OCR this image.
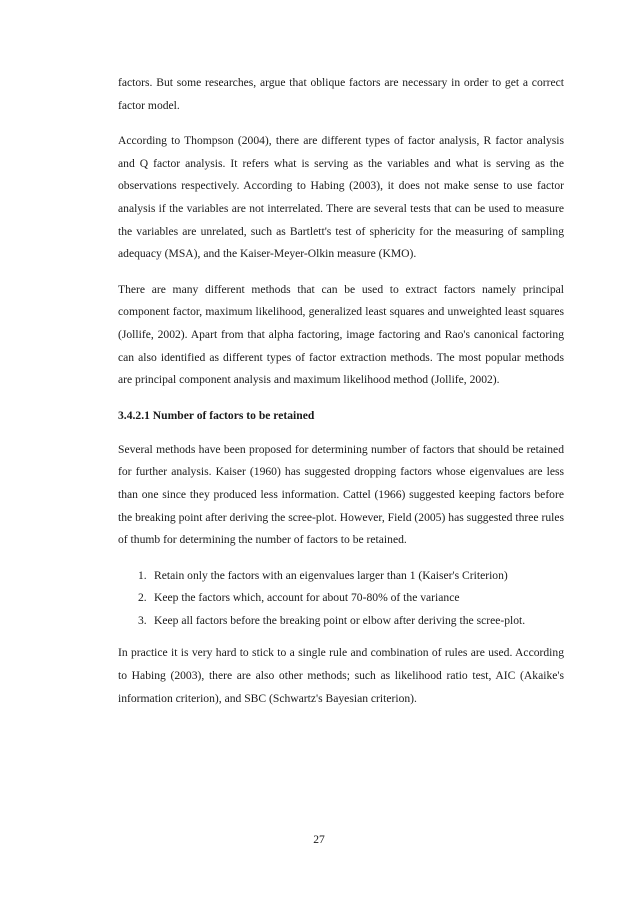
factors. But some researches, argue that oblique factors are necessary in order to get a correct factor model.

According to Thompson (2004), there are different types of factor analysis, R factor analysis and Q factor analysis. It refers what is serving as the variables and what is serving as the observations respectively. According to Habing (2003), it does not make sense to use factor analysis if the variables are not interrelated. There are several tests that can be used to measure the variables are unrelated, such as Bartlett's test of sphericity for the measuring of sampling adequacy (MSA), and the Kaiser-Meyer-Olkin measure (KMO).

There are many different methods that can be used to extract factors namely principal component factor, maximum likelihood, generalized least squares and unweighted least squares (Jollife, 2002). Apart from that alpha factoring, image factoring and Rao's canonical factoring can also identified as different types of factor extraction methods. The most popular methods are principal component analysis and maximum likelihood method (Jollife, 2002).

3.4.2.1 Number of factors to be retained

Several methods have been proposed for determining number of factors that should be retained for further analysis. Kaiser (1960) has suggested dropping factors whose eigenvalues are less than one since they produced less information. Cattel (1966) suggested keeping factors before the breaking point after deriving the scree-plot. However, Field (2005) has suggested three rules of thumb for determining the number of factors to be retained.

1. Retain only the factors with an eigenvalues larger than 1 (Kaiser's Criterion)
2. Keep the factors which, account for about 70-80% of the variance
3. Keep all factors before the breaking point or elbow after deriving the scree-plot.

In practice it is very hard to stick to a single rule and combination of rules are used. According to Habing (2003), there are also other methods; such as likelihood ratio test, AIC (Akaike's information criterion), and SBC (Schwartz's Bayesian criterion).

27
